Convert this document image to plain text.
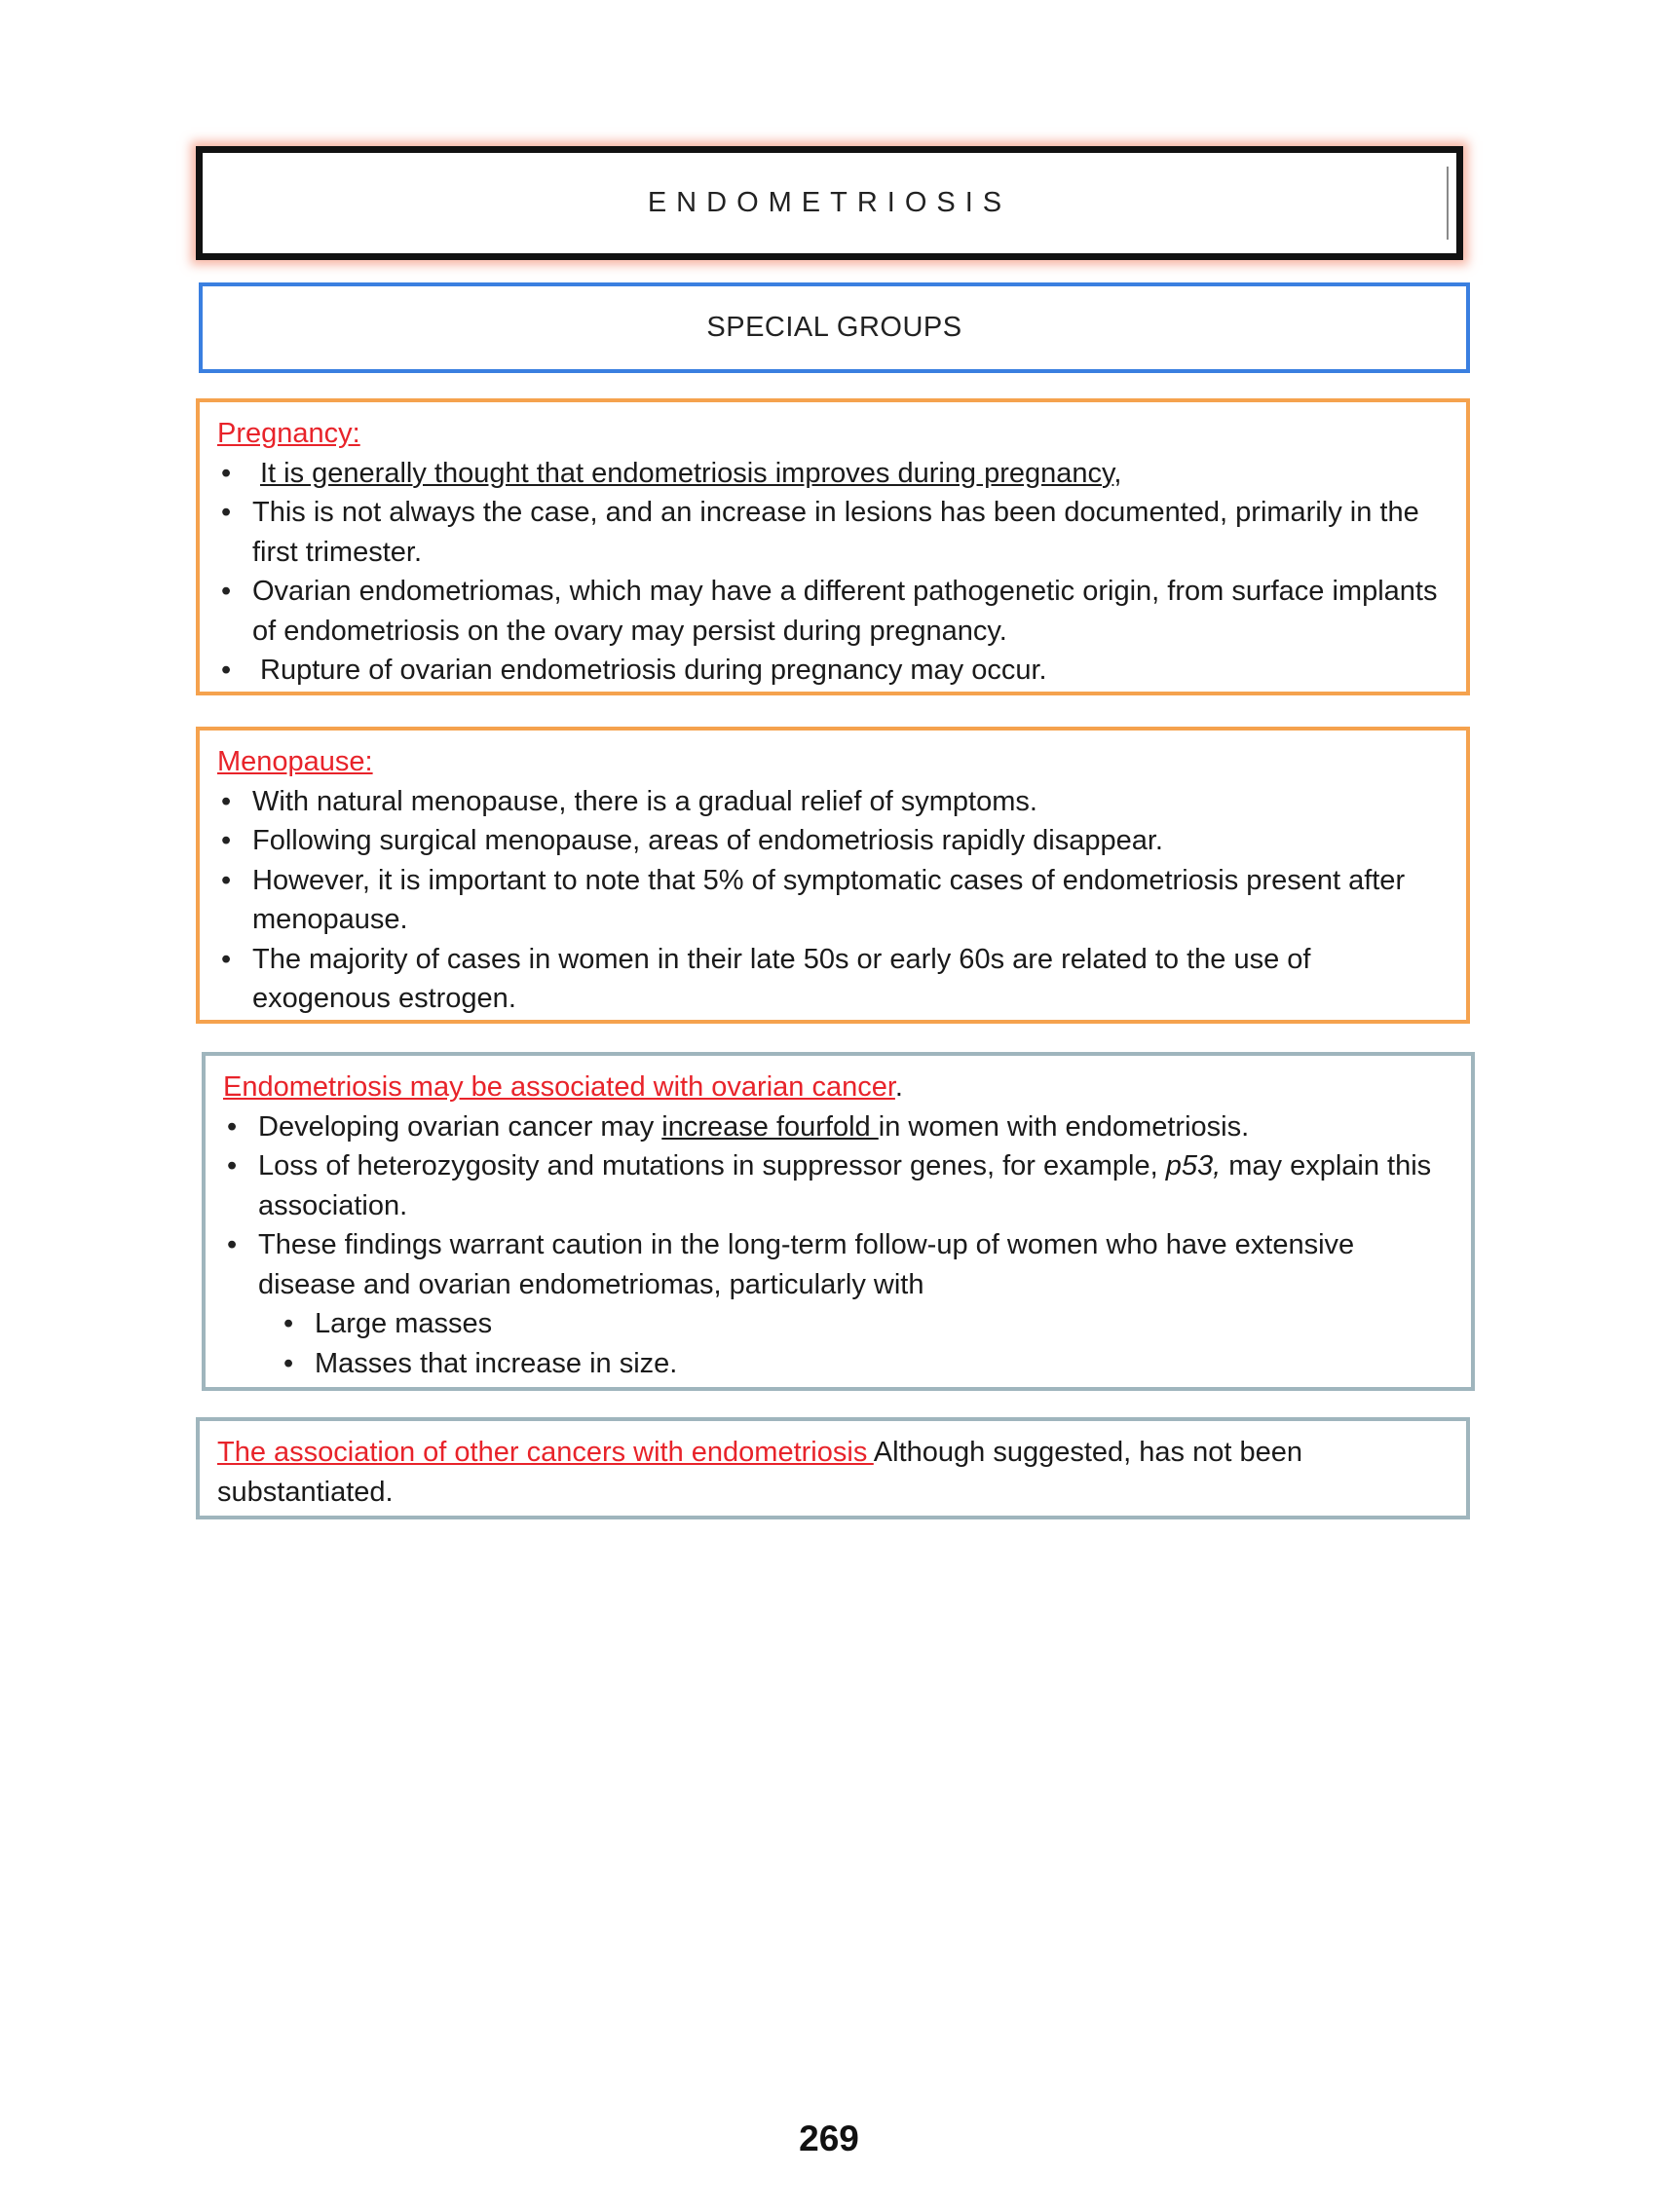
ENDOMETRIOSIS
SPECIAL GROUPS
Pregnancy:
• It is generally thought that endometriosis improves during pregnancy,
• This is not always the case, and an increase in lesions has been documented, primarily in the first trimester.
• Ovarian endometriomas, which may have a different pathogenetic origin, from surface implants of endometriosis on the ovary may persist during pregnancy.
• Rupture of ovarian endometriosis during pregnancy may occur.
Menopause:
• With natural menopause, there is a gradual relief of symptoms.
• Following surgical menopause, areas of endometriosis rapidly disappear.
• However, it is important to note that 5% of symptomatic cases of endometriosis present after menopause.
• The majority of cases in women in their late 50s or early 60s are related to the use of exogenous estrogen.
Endometriosis may be associated with ovarian cancer.
• Developing ovarian cancer may increase fourfold in women with endometriosis.
• Loss of heterozygosity and mutations in suppressor genes, for example, p53, may explain this association.
• These findings warrant caution in the long-term follow-up of women who have extensive disease and ovarian endometriomas, particularly with
• Large masses
• Masses that increase in size.
The association of other cancers with endometriosis Although suggested, has not been substantiated.
269
